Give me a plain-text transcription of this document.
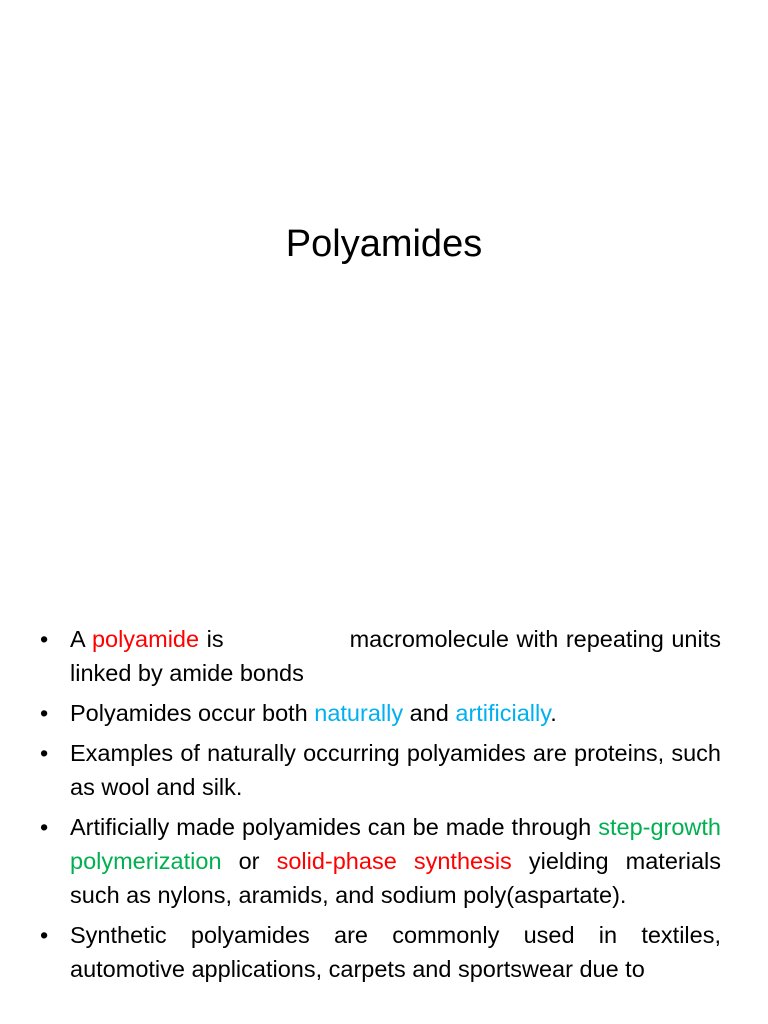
Polyamides
• A polyamide is	macromolecule with repeating units linked by amide bonds
• Polyamides occur both naturally and artificially.
• Examples of naturally occurring polyamides are proteins, such as wool and silk.
• Artificially made polyamides can be made through step-growth polymerization or solid-phase synthesis yielding materials such as nylons, aramids, and sodium poly(aspartate).
• Synthetic polyamides are commonly used in textiles, automotive applications, carpets and sportswear due to
